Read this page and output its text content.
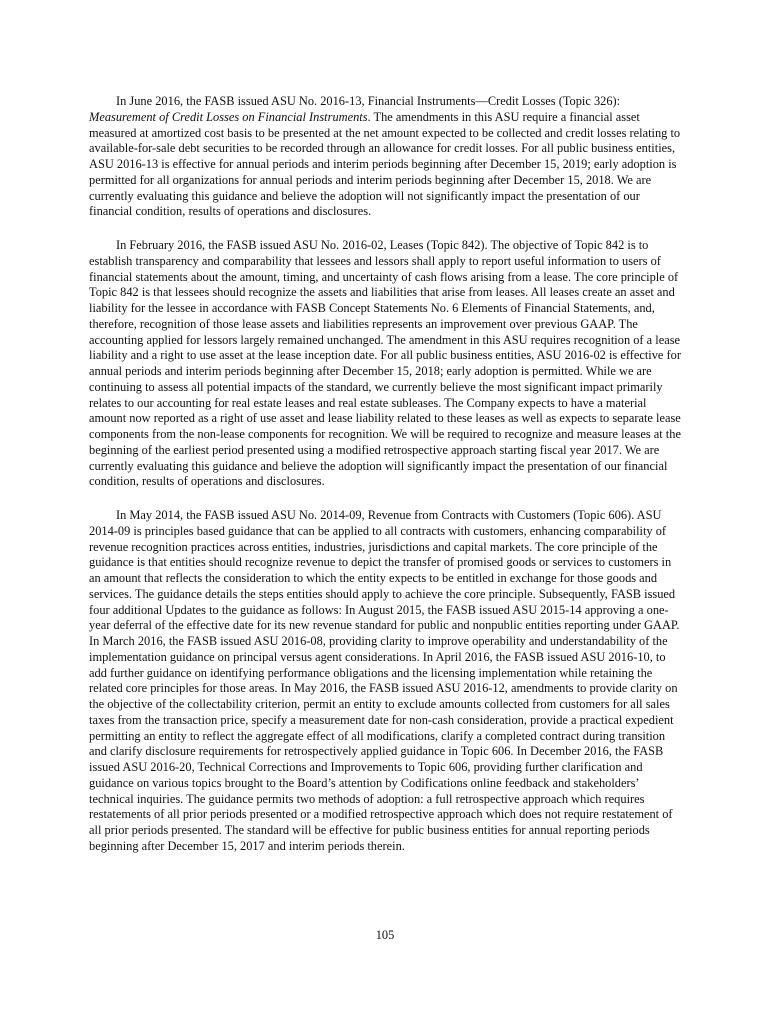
In June 2016, the FASB issued ASU No. 2016-13, Financial Instruments—Credit Losses (Topic 326): Measurement of Credit Losses on Financial Instruments. The amendments in this ASU require a financial asset measured at amortized cost basis to be presented at the net amount expected to be collected and credit losses relating to available-for-sale debt securities to be recorded through an allowance for credit losses. For all public business entities, ASU 2016-13 is effective for annual periods and interim periods beginning after December 15, 2019; early adoption is permitted for all organizations for annual periods and interim periods beginning after December 15, 2018. We are currently evaluating this guidance and believe the adoption will not significantly impact the presentation of our financial condition, results of operations and disclosures.

In February 2016, the FASB issued ASU No. 2016-02, Leases (Topic 842). The objective of Topic 842 is to establish transparency and comparability that lessees and lessors shall apply to report useful information to users of financial statements about the amount, timing, and uncertainty of cash flows arising from a lease. The core principle of Topic 842 is that lessees should recognize the assets and liabilities that arise from leases. All leases create an asset and liability for the lessee in accordance with FASB Concept Statements No. 6 Elements of Financial Statements, and, therefore, recognition of those lease assets and liabilities represents an improvement over previous GAAP. The accounting applied for lessors largely remained unchanged. The amendment in this ASU requires recognition of a lease liability and a right to use asset at the lease inception date. For all public business entities, ASU 2016-02 is effective for annual periods and interim periods beginning after December 15, 2018; early adoption is permitted. While we are continuing to assess all potential impacts of the standard, we currently believe the most significant impact primarily relates to our accounting for real estate leases and real estate subleases. The Company expects to have a material amount now reported as a right of use asset and lease liability related to these leases as well as expects to separate lease components from the non-lease components for recognition. We will be required to recognize and measure leases at the beginning of the earliest period presented using a modified retrospective approach starting fiscal year 2017. We are currently evaluating this guidance and believe the adoption will significantly impact the presentation of our financial condition, results of operations and disclosures.

In May 2014, the FASB issued ASU No. 2014-09, Revenue from Contracts with Customers (Topic 606). ASU 2014-09 is principles based guidance that can be applied to all contracts with customers, enhancing comparability of revenue recognition practices across entities, industries, jurisdictions and capital markets. The core principle of the guidance is that entities should recognize revenue to depict the transfer of promised goods or services to customers in an amount that reflects the consideration to which the entity expects to be entitled in exchange for those goods and services. The guidance details the steps entities should apply to achieve the core principle. Subsequently, FASB issued four additional Updates to the guidance as follows: In August 2015, the FASB issued ASU 2015-14 approving a one-year deferral of the effective date for its new revenue standard for public and nonpublic entities reporting under GAAP. In March 2016, the FASB issued ASU 2016-08, providing clarity to improve operability and understandability of the implementation guidance on principal versus agent considerations. In April 2016, the FASB issued ASU 2016-10, to add further guidance on identifying performance obligations and the licensing implementation while retaining the related core principles for those areas. In May 2016, the FASB issued ASU 2016-12, amendments to provide clarity on the objective of the collectability criterion, permit an entity to exclude amounts collected from customers for all sales taxes from the transaction price, specify a measurement date for non-cash consideration, provide a practical expedient permitting an entity to reflect the aggregate effect of all modifications, clarify a completed contract during transition and clarify disclosure requirements for retrospectively applied guidance in Topic 606. In December 2016, the FASB issued ASU 2016-20, Technical Corrections and Improvements to Topic 606, providing further clarification and guidance on various topics brought to the Board’s attention by Codifications online feedback and stakeholders’ technical inquiries. The guidance permits two methods of adoption: a full retrospective approach which requires restatements of all prior periods presented or a modified retrospective approach which does not require restatement of all prior periods presented. The standard will be effective for public business entities for annual reporting periods beginning after December 15, 2017 and interim periods therein.

105
